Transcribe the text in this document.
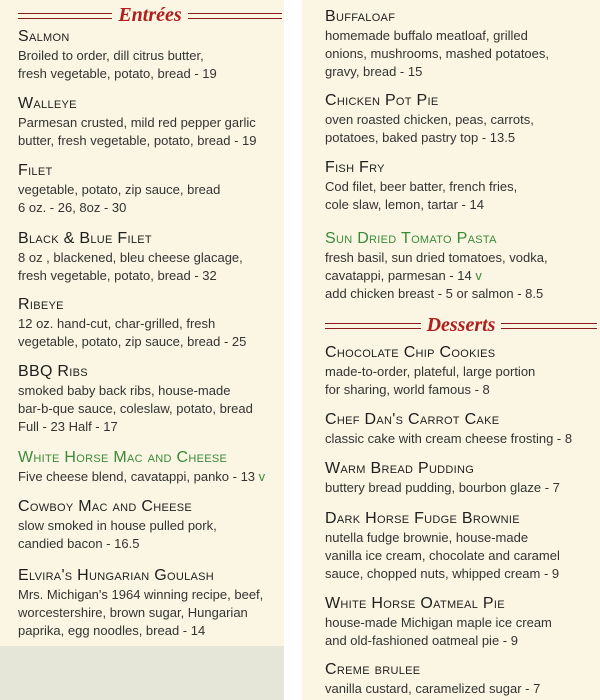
Entrées
Salmon
Broiled to order, dill citrus butter,
fresh vegetable, potato, bread - 19
Walleye
Parmesan crusted, mild red pepper garlic
butter, fresh vegetable, potato, bread - 19
Filet
vegetable, potato, zip sauce, bread
6 oz. - 26, 8oz - 30
Black & Blue Filet
8 oz , blackened, bleu cheese glacage,
fresh vegetable, potato, bread - 32
Ribeye
12 oz. hand-cut, char-grilled, fresh
vegetable, potato, zip sauce, bread - 25
BBQ Ribs
smoked baby back ribs, house-made
bar-b-que sauce, coleslaw, potato, bread
Full - 23 Half - 17
White Horse Mac and Cheese
Five cheese blend, cavatappi, panko - 13 v
Cowboy Mac and Cheese
slow smoked in house pulled pork,
candied bacon - 16.5
Elvira's Hungarian Goulash
Mrs. Michigan's 1964 winning recipe, beef,
worcestershire, brown sugar, Hungarian
paprika, egg noodles, bread - 14
Buffaloaf
homemade buffalo meatloaf, grilled
onions, mushrooms, mashed potatoes,
gravy, bread - 15
Chicken Pot Pie
oven roasted chicken, peas, carrots,
potatoes, baked pastry top - 13.5
Fish Fry
Cod filet, beer batter, french fries,
cole slaw, lemon, tartar - 14
Sun Dried Tomato Pasta
fresh basil, sun dried tomatoes, vodka,
cavatappi, parmesan - 14 v
add chicken breast - 5 or salmon - 8.5
Desserts
Chocolate Chip Cookies
made-to-order, plateful, large portion
for sharing, world famous - 8
Chef Dan's Carrot Cake
classic cake with cream cheese frosting - 8
Warm Bread Pudding
buttery bread pudding, bourbon glaze - 7
Dark Horse Fudge Brownie
nutella fudge brownie, house-made
vanilla ice cream, chocolate and caramel
sauce, chopped nuts, whipped cream - 9
White Horse Oatmeal Pie
house-made Michigan maple ice cream
and old-fashioned oatmeal pie - 9
Creme brulee
vanilla custard, caramelized sugar - 7
